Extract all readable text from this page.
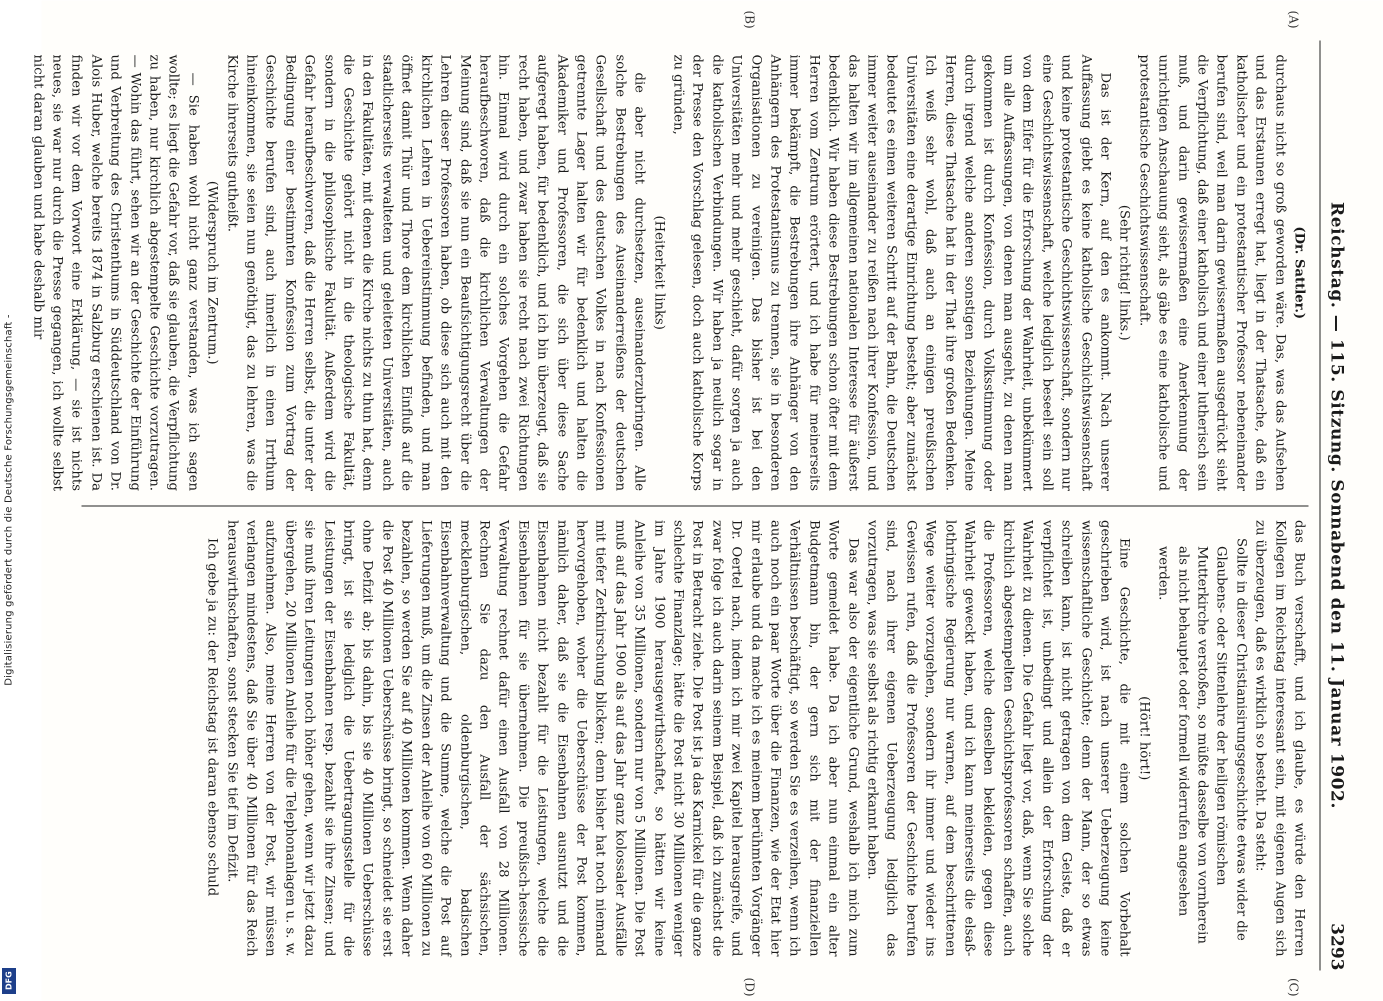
Digitalisierung gefördert durch die Deutsche Forschungsgemeinschaft -
DFG
Reichstag. — 115. Sitzung. Sonnabend den 11. Januar 1902.
3293
(A)
(B)

(Dr. Sattler.)

durchaus nicht so groß geworden wäre. Das, was das Aufsehen und das Erstaunen erregt hat, liegt in der Thatsache, daß ein katholischer und ein protestantischer Professor nebeneinander berufen sind, weil man darin gewissermaßen ausgedrückt sieht die Verpflichtung, daß einer katholisch und einer lutherisch sein muß, und darin gewissermaßen eine Anerkennung der unrichtigen Anschauung sieht, als gäbe es eine katholische und protestantische Geschichtswissenschaft.

(Sehr richtig! links.)

Das ist der Kern, auf den es ankommt. Nach unserer Auffassung giebt es keine katholische Geschichtswissenschaft und keine protestantische Geschichtswissenschaft, sondern nur eine Geschichtswissenschaft, welche lediglich beseelt sein soll von dem Eifer für die Erforschung der Wahrheit, unbekümmert um alle Auffassungen, von denen man ausgeht, zu denen man gekommen ist durch Konfession, durch Volksstimmung oder durch irgend welche anderen sonstigen Beziehungen. Meine Herren, diese Thatsache hat in der That ihre großen Bedenken. Ich weiß sehr wohl, daß auch an einigen preußischen Universitäten eine derartige Einrichtung besteht; aber zunächst bedeutet es einen weiteren Schritt auf der Bahn, die Deutschen immer weiter auseinander zu reißen nach ihrer Konfession, und das halten wir im allgemeinen nationalen Interesse für äußerst bedenklich. Wir haben diese Bestrebungen schon öfter mit dem Herren vom Zentrum erörtert, und ich habe für meinerseits immer bekämpft, die Bestrebungen ihre Anhänger von den Anhängern des Protestantismus zu trennen, sie in besonderen Organisationen zu vereinigen. Das bisher ist bei den Universitäten mehr und mehr geschieht, dafür sorgen ja auch die katholischen Verbindungen. Wir haben ja neulich sogar in der Presse den Vorschlag gelesen, doch auch katholische Korps zu gründen,

(Heiterkeit links)

die aber nicht durchsetzen, auseinanderzubringen. Alle solche Bestrebungen des Auseinanderreißens der deutschen Gesellschaft und des deutschen Volkes in nach Konfessionen getrennte Lager halten wir für bedenklich und halten die Akademiker und Professoren, die sich über diese Sache aufgeregt haben, für bedenklich, und ich bin überzeugt, daß sie recht haben, und zwar haben sie recht nach zwei Richtungen hin. Einmal wird durch ein solches Vorgehen die Gefahr heraufbeschworen, daß die kirchlichen Verwaltungen der Meinung sind, daß sie nun ein Beaufsichtigungsrecht über die Lehren dieser Professoren haben, ob diese sich auch mit den kirchlichen Lehren in Uebereinstimmung befinden, und man öffnet damit Thür und Thore dem kirchlichen Einfluß auf die staatlicherseits verwalteten und geleiteten Universitäten, auch in den Fakultäten, mit denen die Kirche nichts zu thun hat, denn die Geschichte gehört nicht in die theologische Fakultät, sondern in die philosophische Fakultät. Außerdem wird die Gefahr heraufbeschworen, daß die Herren selbst, die unter der Bedingung einer bestimmten Konfession zum Vortrag der Geschichte berufen sind, auch innerlich in einen Irrthum hineinkommen, sie seien nun genöthigt, das zu lehren, was die Kirche ihrerseits gutheißt.

(Widerspruch im Zentrum.)

— Sie haben wohl nicht ganz verstanden, was ich sagen wollte; es liegt die Gefahr vor, daß sie glauben, die Verpflichtung zu haben, nur kirchlich abgestempelte Geschichte vorzutragen. — Wohin das führt, sehen wir an der Geschichte der Einführung und Verbreitung des Christenthums in Süddeutschland von Dr. Alois Huber, welche bereits 1874 in Salzburg erschienen ist. Da finden wir vor dem Vorwort eine Erklärung, — sie ist nichts neues, sie war nur durch die Presse gegangen, ich wollte selbst nicht daran glauben und habe deshalb mir

(C)
(D)

das Buch verschafft, und ich glaube, es würde den Herren Kollegen im Reichstag interessant sein, mit eigenen Augen sich zu überzeugen, daß es wirklich so besteht. Da steht:

Sollte in dieser Christianisirungsgeschichte etwas wider die Glaubens- oder Sittenlehre der heiligen römischen Mutterkirche verstoßen, so müßte dasselbe von vornherein als nicht behauptet oder formell widerrufen angesehen werden.

(Hört! hört!)

Eine Geschichte, die mit einem solchen Vorbehalt geschrieben wird, ist nach unserer Ueberzeugung keine wissenschaftliche Geschichte; denn der Mann, der so etwas schreiben kann, ist nicht getragen von dem Geiste, daß er verpflichtet ist, unbedingt und allein der Erforschung der Wahrheit zu dienen. Die Gefahr liegt vor, daß, wenn Sie solche kirchlich abgestempelten Geschichtsprofessoren schaffen, auch die Professoren, welche denselben bekleiden, gegen diese Wahrheit geweckt haben, und ich kann meinerseits die elsaß-lothringische Regierung nur warnen, auf dem beschrittenen Wege weiter vorzugehen, sondern ihr immer und wieder ins Gewissen rufen, daß die Professoren der Geschichte berufen sind, nach ihrer eigenen Ueberzeugung lediglich das vorzutragen, was sie selbst als richtig erkannt haben.

Das war also der eigentliche Grund, weshalb ich mich zum Worte gemeldet habe. Da ich aber nun einmal ein alter Budgetmann bin, der gern sich mit der finanziellen Verhältnissen beschäftigt, so werden Sie es verzeihen, wenn ich auch noch ein paar Worte über die Finanzen, wie der Etat hier mir erlaube und da mache ich es meinem berühmten Vorgänger Dr. Oertel nach, indem ich mir zwei Kapitel herausgreife, und zwar folge ich auch darin seinem Beispiel, daß ich zunächst die Post in Betracht ziehe. Die Post ist ja das Karnickel für die ganze schlechte Finanzlage; hätte die Post nicht 30 Millionen weniger im Jahre 1900 herausgewirthschaftet, so hätten wir keine Anleihe von 35 Millionen, sondern nur von 5 Millionen. Die Post muß auf das Jahr 1900 als auf das Jahr ganz kolossaler Ausfälle mit tiefer Zerknirschung blicken; denn bisher hat noch niemand hervorgehoben, woher die Ueberschüsse der Post kommen, nämlich daher, daß sie die Eisenbahnen ausnutzt und die Eisenbahnen nicht bezahlt für die Leistungen, welche die Eisenbahnen für sie übernehmen. Die preußisch-hessische Verwaltung rechnet dafür einen Ausfall von 28 Millionen. Rechnen Sie dazu den Ausfall der sächsischen, mecklenburgischen, oldenburgischen, badischen Eisenbahnverwaltung und die Summe, welche die Post auf Lieferungen muß, um die Zinsen der Anleihe von 60 Millionen zu bezahlen, so werden Sie auf 40 Millionen kommen. Wenn daher die Post 40 Millionen Ueberschüsse bringt, so schneidet sie erst ohne Defizit ab; bis dahin, bis sie 40 Millionen Ueberschüsse bringt, ist sie lediglich die Uebertragungsstelle für die Leistungen der Eisenbahnen resp. bezahlt sie ihre Zinsen; und sie muß ihren Leitungen noch höher gehen, wenn wir jetzt dazu übergehen, 20 Millionen Anleihe für die Telephonanlagen u. s. w. aufzunehmen. Also, meine Herren von der Post, wir müssen verlangen mindestens, daß Sie über 40 Millionen für das Reich herauswirthschaften, sonst stecken Sie tief im Defizit.

Ich gebe ja zu: der Reichstag ist daran ebenso schuld
